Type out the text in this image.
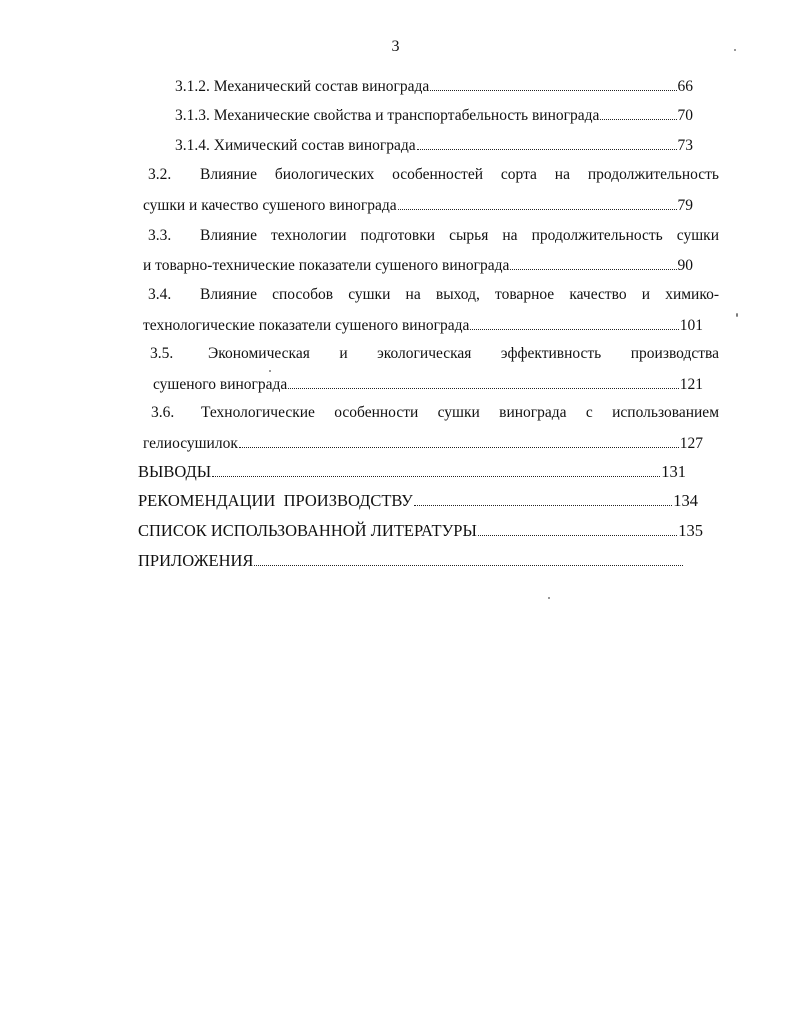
3
3.1.2. Механический состав винограда	66
3.1.3. Механические свойства и транспортабельность винограда	70
3.1.4. Химический состав винограда	73
3.2.	Влияние биологических особенностей сорта на продолжительность
сушки и качество сушеного винограда	79
3.3.	Влияние технологии подготовки сырья на продолжительность сушки
и товарно-технические показатели сушеного винограда	90
3.4.	Влияние способов сушки на выход, товарное качество и химико-
технологические показатели сушеного винограда	101
3.5.	Экономическая и экологическая эффективность производства
сушеного винограда	121
3.6.	Технологические особенности сушки винограда с использованием
гелиосушилок	127
ВЫВОДЫ	131
РЕКОМЕНДАЦИИ  ПРОИЗВОДСТВУ	134
СПИСОК ИСПОЛЬЗОВАННОЙ ЛИТЕРАТУРЫ	135
ПРИЛОЖЕНИЯ
